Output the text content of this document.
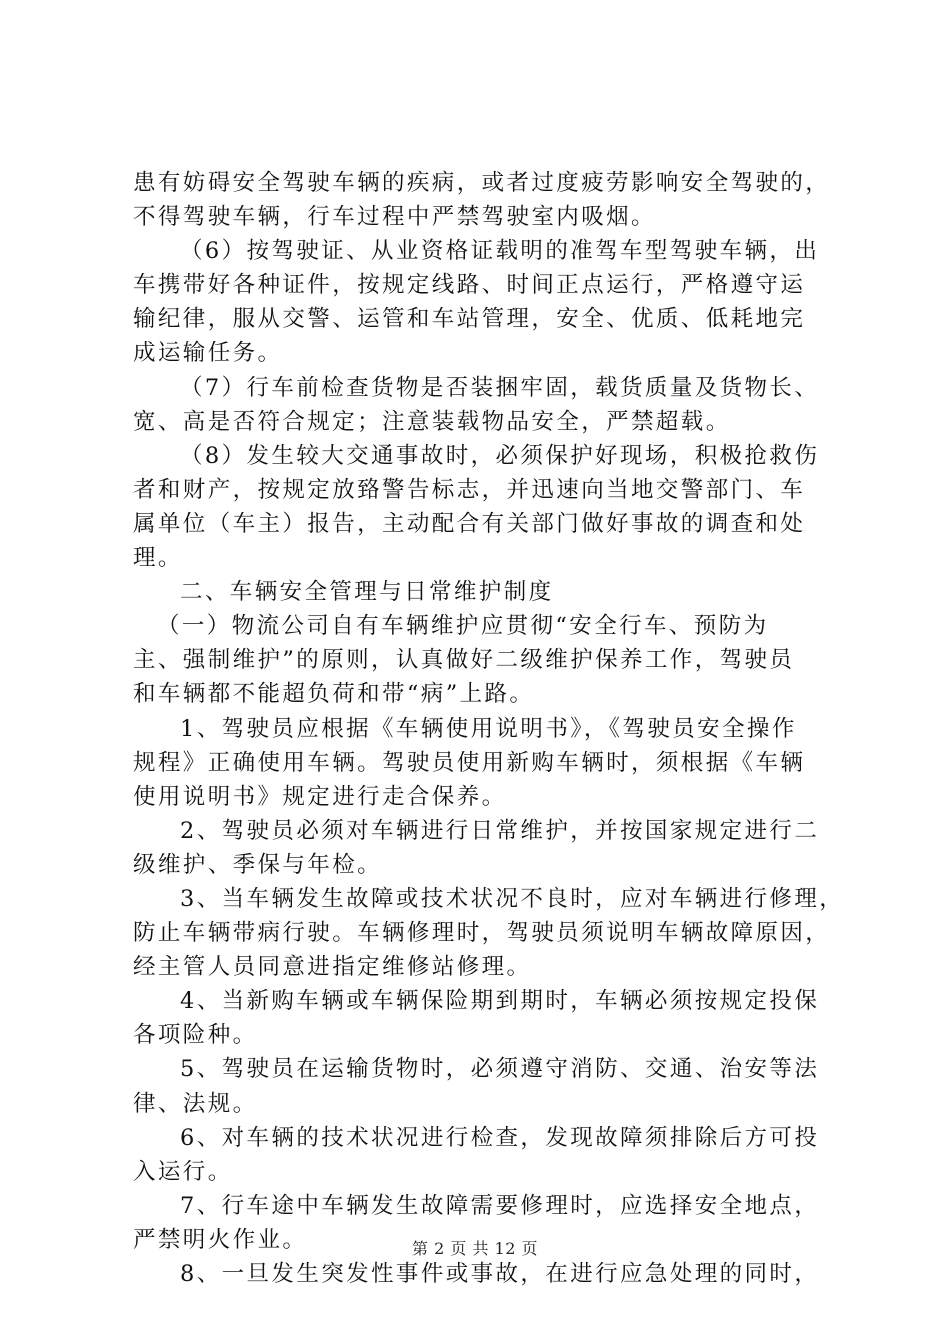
患有妨碍安全驾驶车辆的疾病，或者过度疲劳影响安全驾驶的，
不得驾驶车辆，行车过程中严禁驾驶室内吸烟。
（6）按驾驶证、从业资格证载明的准驾车型驾驶车辆，出
车携带好各种证件，按规定线路、时间正点运行，严格遵守运
输纪律，服从交警、运管和车站管理，安全、优质、低耗地完
成运输任务。
（7）行车前检查货物是否装捆牢固，载货质量及货物长、
宽、高是否符合规定；注意装载物品安全，严禁超载。
（8）发生较大交通事故时，必须保护好现场，积极抢救伤
者和财产，按规定放臵警告标志，并迅速向当地交警部门、车
属单位（车主）报告，主动配合有关部门做好事故的调查和处
理。
二、车辆安全管理与日常维护制度
（一）物流公司自有车辆维护应贯彻“安全行车、预防为
主、强制维护”的原则，认真做好二级维护保养工作，驾驶员
和车辆都不能超负荷和带“病”上路。
1、驾驶员应根据《车辆使用说明书》，《驾驶员安全操作
规程》正确使用车辆。驾驶员使用新购车辆时，须根据《车辆
使用说明书》规定进行走合保养。
2、驾驶员必须对车辆进行日常维护，并按国家规定进行二
级维护、季保与年检。
3、当车辆发生故障或技术状况不良时，应对车辆进行修理，
防止车辆带病行驶。车辆修理时，驾驶员须说明车辆故障原因，
经主管人员同意进指定维修站修理。
4、当新购车辆或车辆保险期到期时，车辆必须按规定投保
各项险种。
5、驾驶员在运输货物时，必须遵守消防、交通、治安等法
律、法规。
6、对车辆的技术状况进行检查，发现故障须排除后方可投
入运行。
7、行车途中车辆发生故障需要修理时，应选择安全地点，
严禁明火作业。
8、一旦发生突发性事件或事故，在进行应急处理的同时，
第 2 页 共 12 页
